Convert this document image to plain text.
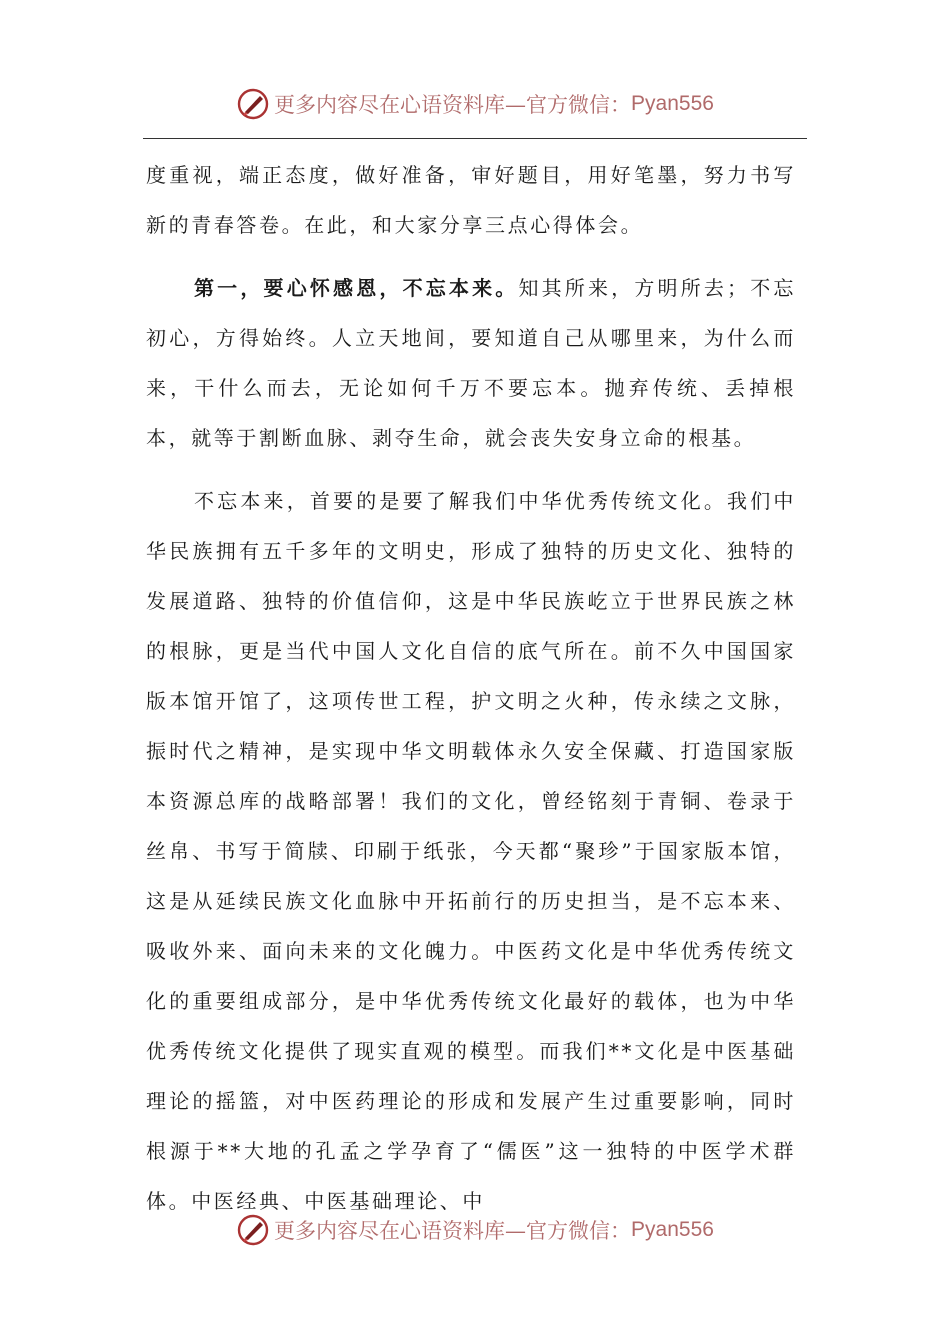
更多内容尽在心语资料库—官方微信： Pyan556

度重视，端正态度，做好准备，审好题目，用好笔墨，努力书写新的青春答卷。在此，和大家分享三点心得体会。

第一，要心怀感恩，不忘本来。知其所来，方明所去；不忘初心，方得始终。人立天地间，要知道自己从哪里来，为什么而来，干什么而去，无论如何千万不要忘本。抛弃传统、丢掉根本，就等于割断血脉、剥夺生命，就会丧失安身立命的根基。

不忘本来，首要的是要了解我们中华优秀传统文化。我们中华民族拥有五千多年的文明史，形成了独特的历史文化、独特的发展道路、独特的价值信仰，这是中华民族屹立于世界民族之林的根脉，更是当代中国人文化自信的底气所在。前不久中国国家版本馆开馆了，这项传世工程，护文明之火种，传永续之文脉，振时代之精神，是实现中华文明载体永久安全保藏、打造国家版本资源总库的战略部署！我们的文化，曾经铭刻于青铜、卷录于丝帛、书写于简牍、印刷于纸张，今天都“聚珍”于国家版本馆，这是从延续民族文化血脉中开拓前行的历史担当，是不忘本来、吸收外来、面向未来的文化魄力。中医药文化是中华优秀传统文化的重要组成部分，是中华优秀传统文化最好的载体，也为中华优秀传统文化提供了现实直观的模型。而我们**文化是中医基础理论的摇篮，对中医药理论的形成和发展产生过重要影响，同时根源于**大地的孔孟之学孕育了“儒医”这一独特的中医学术群体。中医经典、中医基础理论、中

更多内容尽在心语资料库—官方微信： Pyan556
